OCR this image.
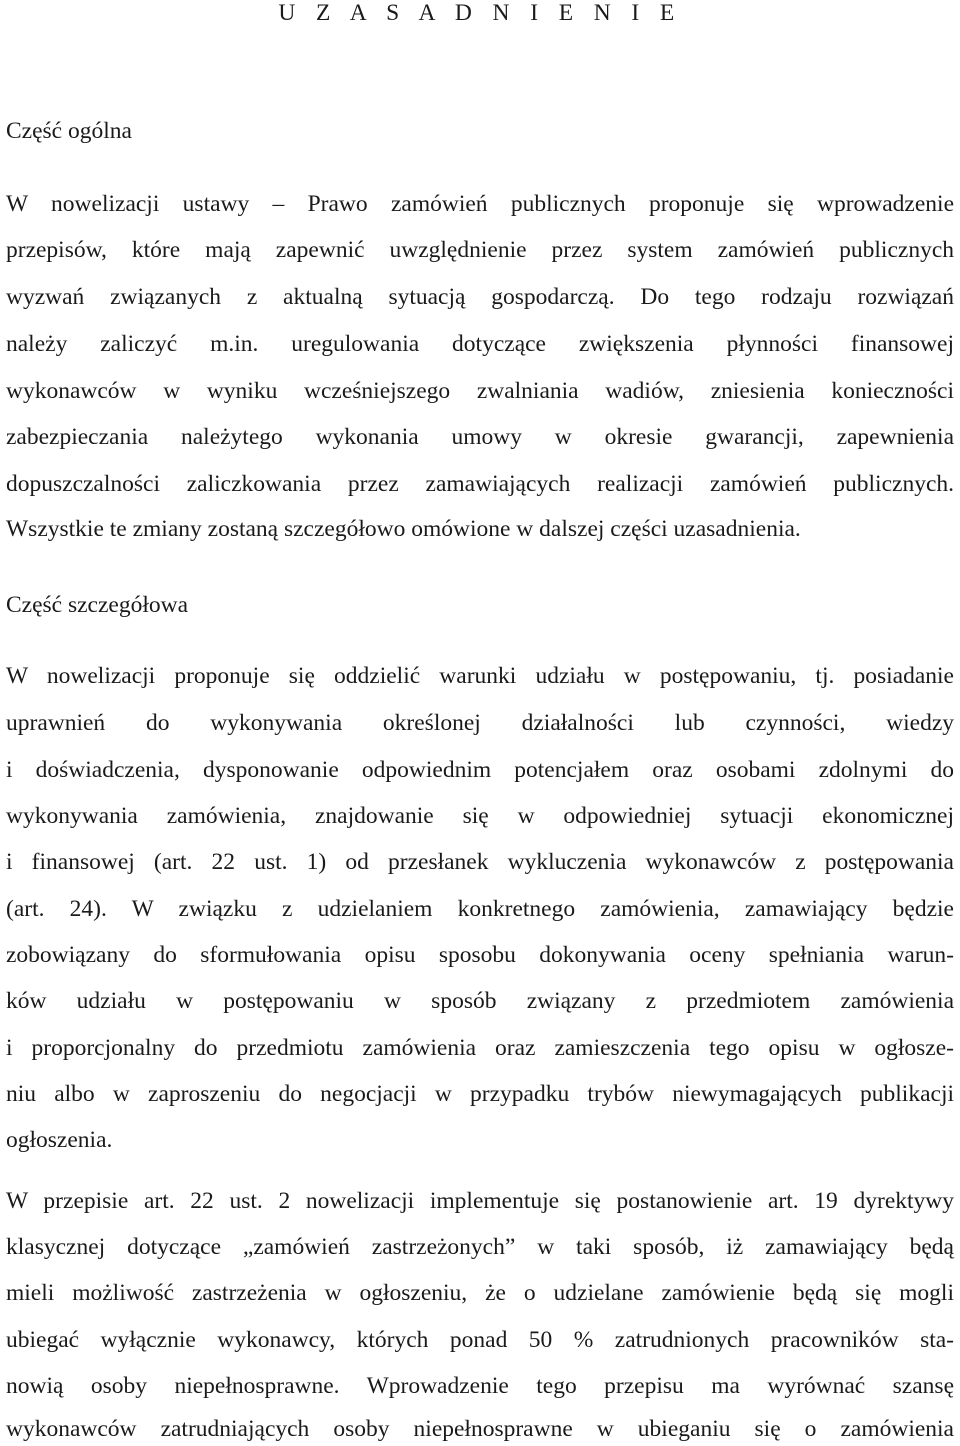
U Z A S A D N I E N I E
Część ogólna
W nowelizacji ustawy – Prawo zamówień publicznych proponuje się wprowadzenie
przepisów, które mają zapewnić uwzględnienie przez system zamówień publicznych
wyzwań związanych z aktualną sytuacją gospodarczą. Do tego rodzaju rozwiązań
należy zaliczyć m.in. uregulowania dotyczące zwiększenia płynności finansowej
wykonawców w wyniku wcześniejszego zwalniania wadiów, zniesienia konieczności
zabezpieczania należytego wykonania umowy w okresie gwarancji, zapewnienia
dopuszczalności zaliczkowania przez zamawiających realizacji zamówień publicznych.
Wszystkie te zmiany zostaną szczegółowo omówione w dalszej części uzasadnienia.
Część szczegółowa
W nowelizacji proponuje się oddzielić warunki udziału w postępowaniu, tj. posiadanie
uprawnień do wykonywania określonej działalności lub czynności, wiedzy
i doświadczenia, dysponowanie odpowiednim potencjałem oraz osobami zdolnymi do
wykonywania zamówienia, znajdowanie się w odpowiedniej sytuacji ekonomicznej
i finansowej (art. 22 ust. 1) od przesłanek wykluczenia wykonawców z postępowania
(art. 24). W związku z udzielaniem konkretnego zamówienia, zamawiający będzie
zobowiązany do sformułowania opisu sposobu dokonywania oceny spełniania warun-
ków udziału w postępowaniu w sposób związany z przedmiotem zamówienia
i proporcjonalny do przedmiotu zamówienia oraz zamieszczenia tego opisu w ogłosze-
niu albo w zaproszeniu do negocjacji w przypadku trybów niewymagających publikacji
ogłoszenia.
W przepisie art. 22 ust. 2 nowelizacji implementuje się postanowienie art. 19 dyrektywy
klasycznej dotyczące „zamówień zastrzeżonych” w taki sposób, iż zamawiający będą
mieli możliwość zastrzeżenia w ogłoszeniu, że o udzielane zamówienie będą się mogli
ubiegać wyłącznie wykonawcy, których ponad 50 % zatrudnionych pracowników sta-
nowią osoby niepełnosprawne. Wprowadzenie tego przepisu ma wyrównać szansę
wykonawców zatrudniających osoby niepełnosprawne w ubieganiu się o zamówienia
